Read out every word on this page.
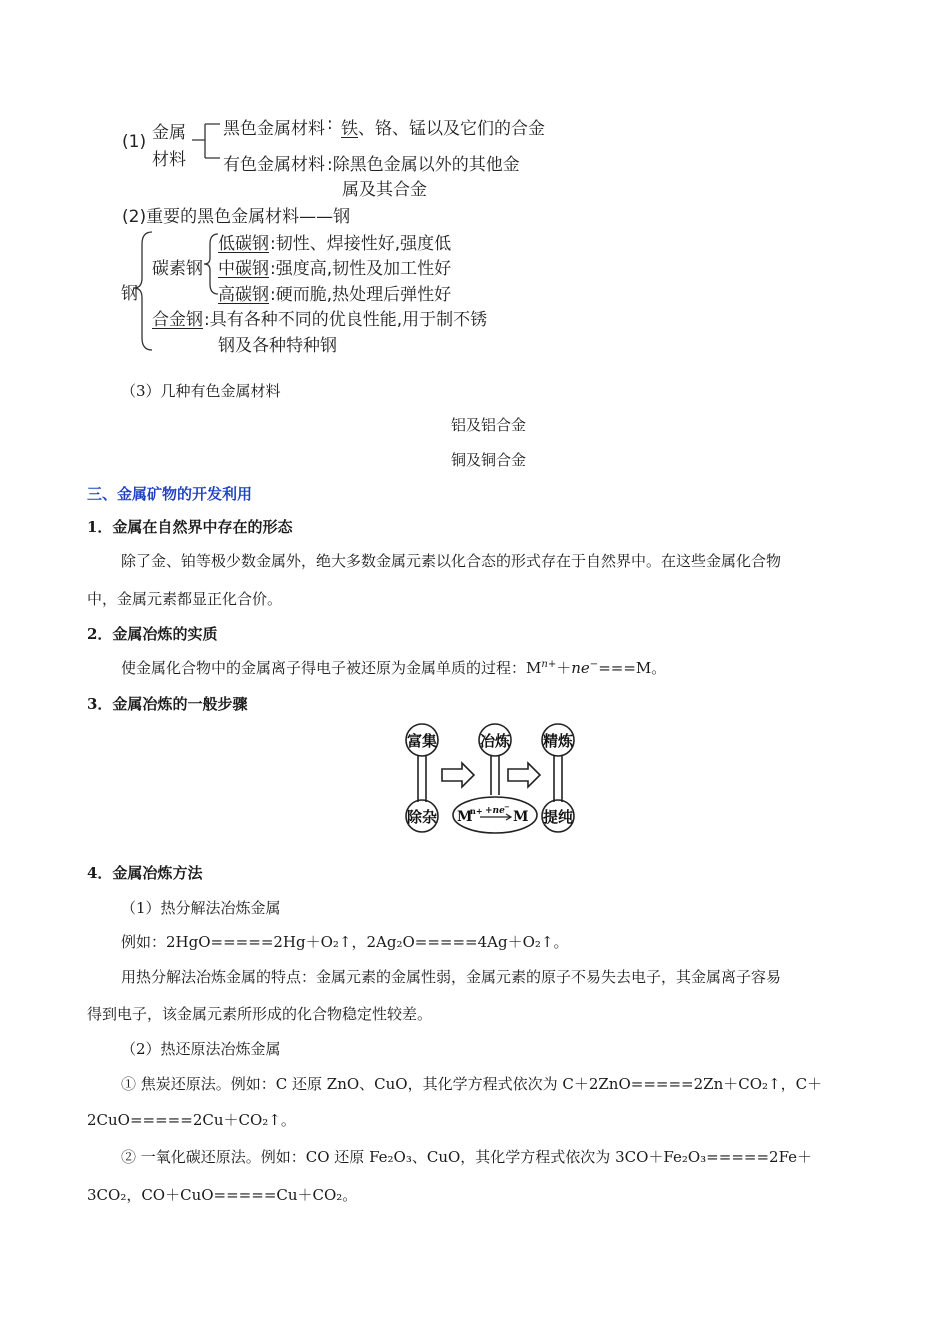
(1) 金属
材料
黑色金属材料 : 铁 、铬、锰以及它们的合金
有色金属材料 :除黑色金属以外的其他金
属及其合金
(2)重要的黑色金属材料——钢
钢
碳素钢
低碳钢 :韧性、焊接性好,强度低
中碳钢 :强度高,韧性及加工性好
高碳钢 :硬而脆,热处理后弹性好
合金钢 :具有各种不同的优良性能,用于制不锈
钢及各种特种钢
（3）几种有色金属材料
铝及铝合金
铜及铜合金
三、金属矿物的开发利用
1．金属在自然界中存在的形态
除了金、铂等极少数金属外，绝大多数金属元素以化合态的形式存在于自然界中。在这些金属化合物
中，金属元素都显正化合价。
2．金属冶炼的实质
使金属化合物中的金属离子得电子被还原为金属单质的过程：$M^{n+}+ne^-===M$。
3．金属冶炼的一般步骤
富集
除杂
冶炼 精炼
提纯
M
n+ +ne −
M
4．金属冶炼方法
（1）热分解法冶炼金属
例如：2HgO=====2Hg＋O₂↑，2Ag₂O=====4Ag＋O₂↑。
用热分解法冶炼金属的特点：金属元素的金属性弱，金属元素的原子不易失去电子，其金属离子容易
得到电子，该金属元素所形成的化合物稳定性较差。
（2）热还原法冶炼金属
① 焦炭还原法。例如：C 还原 ZnO、CuO，其化学方程式依次为 C＋2ZnO=====2Zn＋CO₂↑，C＋
2CuO=====2Cu＋CO₂↑。
② 一氧化碳还原法。例如：CO 还原 Fe₂O₃、CuO，其化学方程式依次为 3CO＋Fe₂O₃=====2Fe＋
3CO₂，CO＋CuO=====Cu＋CO₂。
